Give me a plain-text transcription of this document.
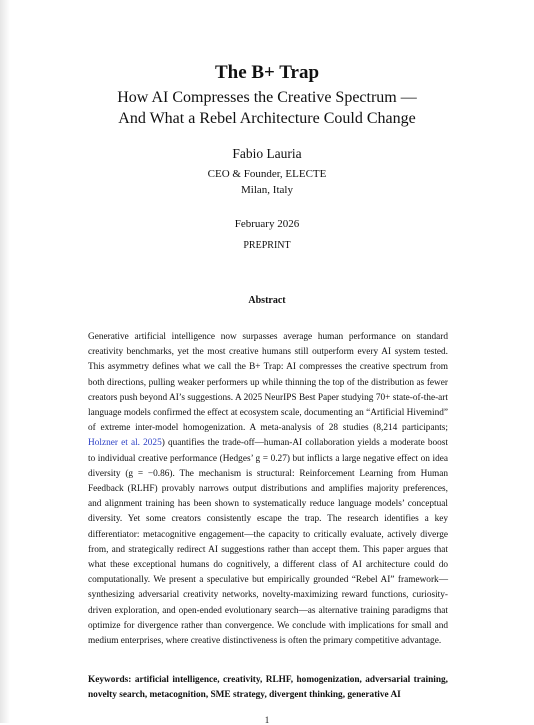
The B+ Trap
How AI Compresses the Creative Spectrum —
And What a Rebel Architecture Could Change
Fabio Lauria
CEO & Founder, ELECTE
Milan, Italy
February 2026
PREPRINT
Abstract

Generative artificial intelligence now surpasses average human performance on standard creativity benchmarks, yet the most creative humans still outperform every AI system tested. This asymmetry defines what we call the B+ Trap: AI compresses the creative spectrum from both directions, pulling weaker performers up while thinning the top of the distribution as fewer creators push beyond AI’s suggestions. A 2025 NeurIPS Best Paper studying 70+ state-of-the-art language models confirmed the effect at ecosystem scale, documenting an “Artificial Hivemind” of extreme inter-model homogenization. A meta-analysis of 28 studies (8,214 participants; Holzner et al. 2025) quantifies the trade-off—human-AI collaboration yields a moderate boost to individual creative performance (Hedges’ g = 0.27) but inflicts a large negative effect on idea diversity (g = −0.86). The mechanism is structural: Reinforcement Learning from Human Feedback (RLHF) provably narrows output distributions and amplifies majority preferences, and alignment training has been shown to systematically reduce language models’ conceptual diversity. Yet some creators consistently escape the trap. The research identifies a key differentiator: metacognitive engagement—the capacity to critically evaluate, actively diverge from, and strategically redirect AI suggestions rather than accept them. This paper argues that what these exceptional humans do cognitively, a different class of AI architecture could do computationally. We present a speculative but empirically grounded “Rebel AI” framework—synthesizing adversarial creativity networks, novelty-maximizing reward functions, curiosity-driven exploration, and open-ended evolutionary search—as alternative training paradigms that optimize for divergence rather than convergence. We conclude with implications for small and medium enterprises, where creative distinctiveness is often the primary competitive advantage.

Keywords: artificial intelligence, creativity, RLHF, homogenization, adversarial training, novelty search, metacognition, SME strategy, divergent thinking, generative AI

1
